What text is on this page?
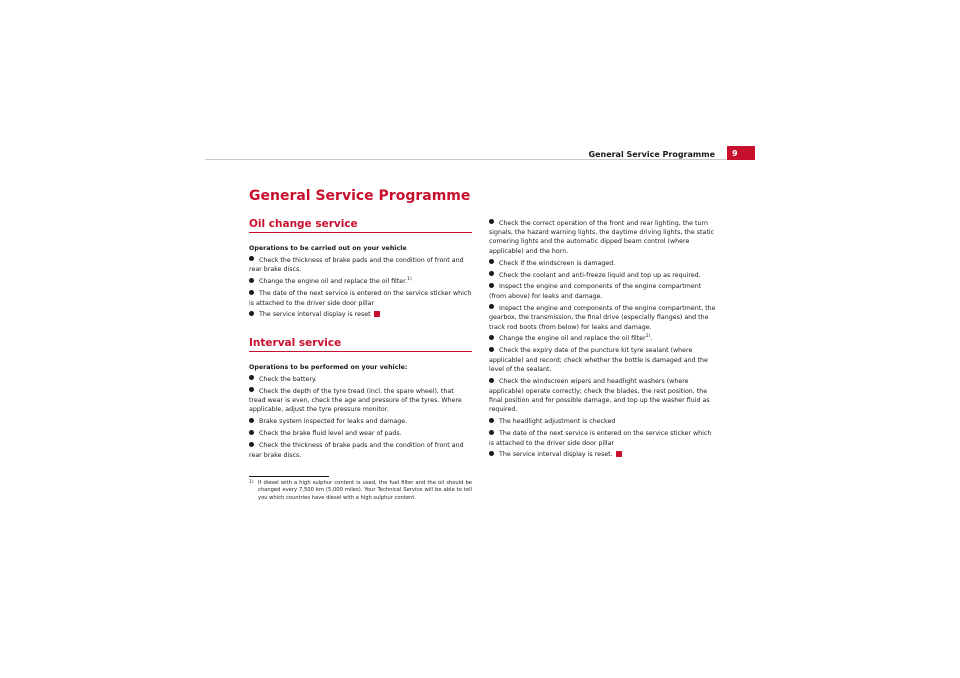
General Service Programme	9
General Service Programme
Oil change service
Operations to be carried out on your vehicle
Check the thickness of brake pads and the condition of front and rear brake discs.
Change the engine oil and replace the oil filter.$^{1)}$
The date of the next service is entered on the service sticker which is attached to the driver side door pillar
The service interval display is reset
Interval service
Operations to be performed on your vehicle:
Check the battery.
Check the depth of the tyre tread (incl. the spare wheel), that tread wear is even, check the age and pressure of the tyres. Where applicable, adjust the tyre pressure monitor.
Brake system inspected for leaks and damage.
Check the brake fluid level and wear of pads.
Check the thickness of brake pads and the condition of front and rear brake discs.
1) If diesel with a high sulphur content is used, the fuel filter and the oil should be changed every 7,500 km (5,000 miles). Your Technical Service will be able to tell you which countries have diesel with a high sulphur content.
Check the correct operation of the front and rear lighting, the turn signals, the hazard warning lights, the daytime driving lights, the static cornering lights and the automatic dipped beam control (where applicable) and the horn.
Check if the windscreen is damaged.
Check the coolant and anti-freeze liquid and top up as required.
Inspect the engine and components of the engine compartment (from above) for leaks and damage.
Inspect the engine and components of the engine compartment, the gearbox, the transmission, the final drive (especially flanges) and the track rod boots (from below) for leaks and damage.
Change the engine oil and replace the oil filter$^{1)}$.
Check the expiry date of the puncture kit tyre sealant (where applicable) and record; check whether the bottle is damaged and the level of the sealant.
Check the windscreen wipers and headlight washers (where applicable) operate correctly; check the blades, the rest position, the final position and for possible damage, and top up the washer fluid as required.
The headlight adjustment is checked
The date of the next service is entered on the service sticker which is attached to the driver side door pillar
The service interval display is reset.
